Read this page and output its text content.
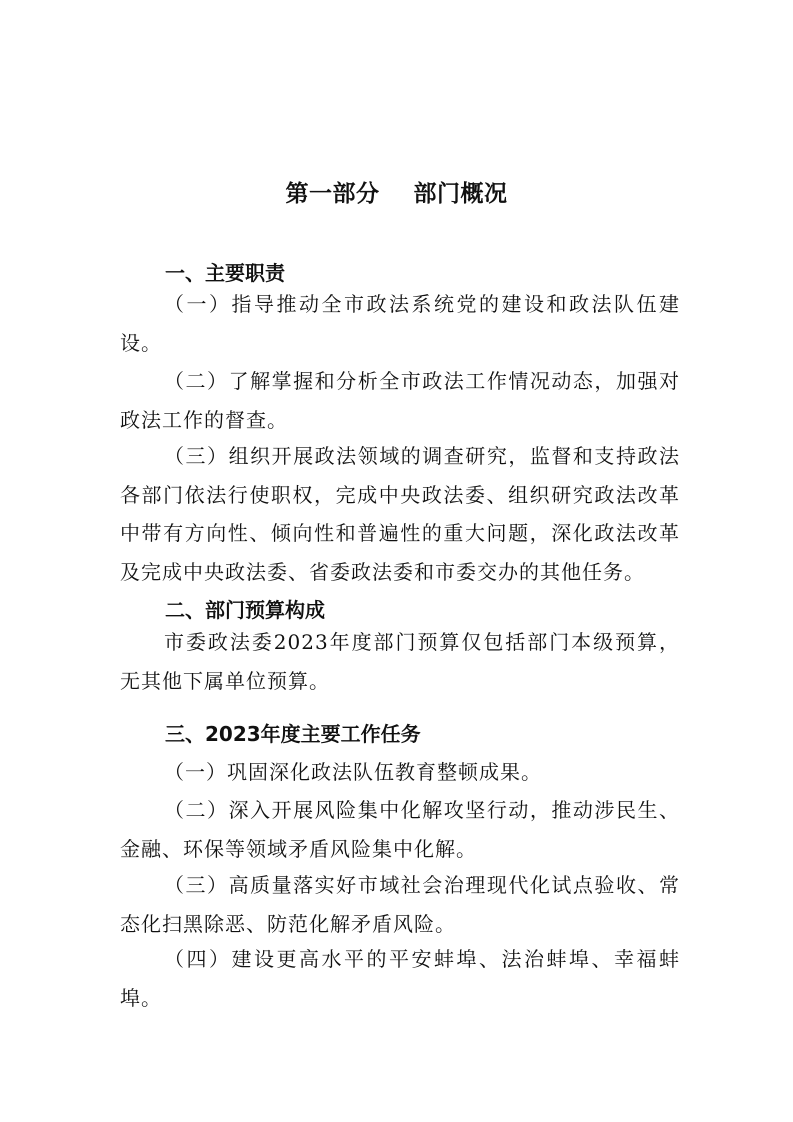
第一部分    部门概况
一、主要职责
（一）指导推动全市政法系统党的建设和政法队伍建设。
（二）了解掌握和分析全市政法工作情况动态，加强对政法工作的督查。
（三）组织开展政法领域的调查研究，监督和支持政法各部门依法行使职权，完成中央政法委、组织研究政法改革中带有方向性、倾向性和普遍性的重大问题，深化政法改革及完成中央政法委、省委政法委和市委交办的其他任务。
二、部门预算构成
市委政法委2023年度部门预算仅包括部门本级预算，无其他下属单位预算。
三、2023年度主要工作任务
（一）巩固深化政法队伍教育整顿成果。
（二）深入开展风险集中化解攻坚行动，推动涉民生、金融、环保等领域矛盾风险集中化解。
（三）高质量落实好市域社会治理现代化试点验收、常态化扫黑除恶、防范化解矛盾风险。
（四）建设更高水平的平安蚌埠、法治蚌埠、幸福蚌埠。
